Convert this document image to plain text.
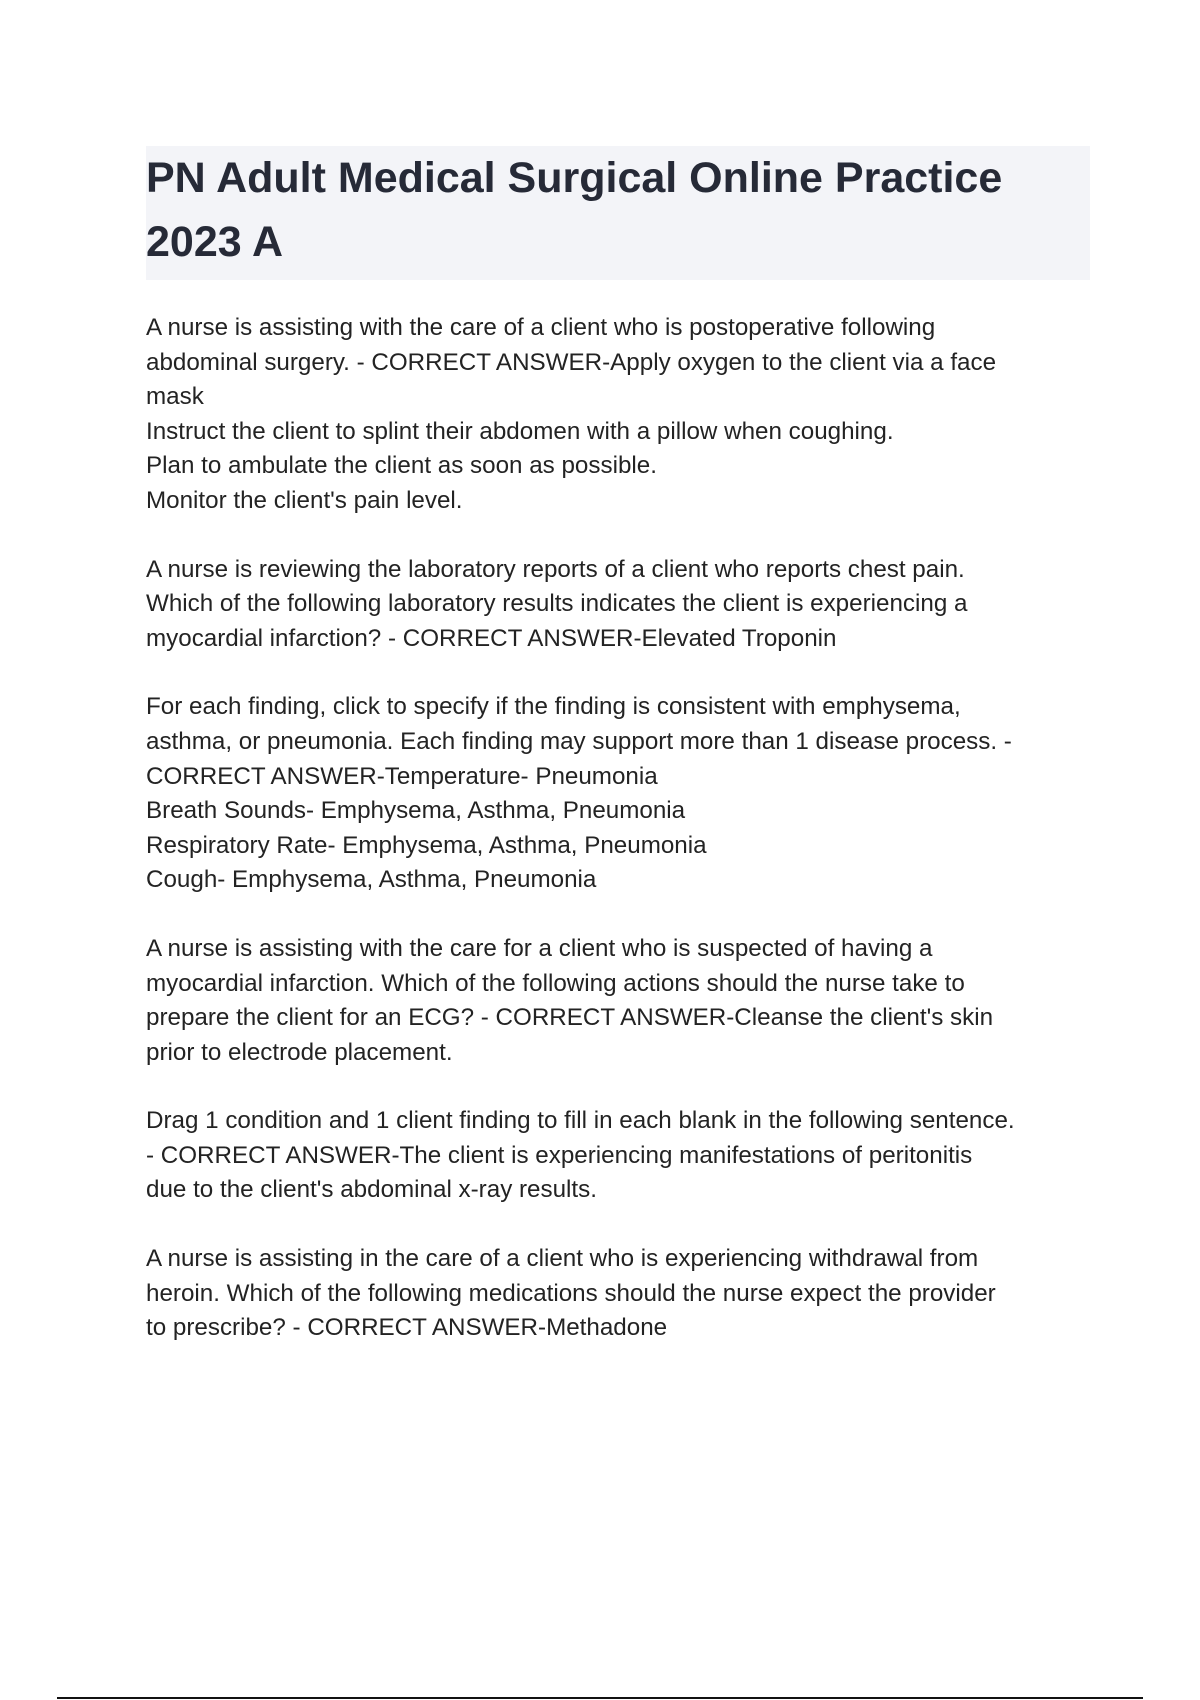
PN Adult Medical Surgical Online Practice 2023 A
A nurse is assisting with the care of a client who is postoperative following
abdominal surgery. - CORRECT ANSWER-Apply oxygen to the client via a face
mask
Instruct the client to splint their abdomen with a pillow when coughing.
Plan to ambulate the client as soon as possible.
Monitor the client's pain level.
A nurse is reviewing the laboratory reports of a client who reports chest pain.
Which of the following laboratory results indicates the client is experiencing a
myocardial infarction? - CORRECT ANSWER-Elevated Troponin
For each finding, click to specify if the finding is consistent with emphysema,
asthma, or pneumonia. Each finding may support more than 1 disease process. -
CORRECT ANSWER-Temperature- Pneumonia
Breath Sounds- Emphysema, Asthma, Pneumonia
Respiratory Rate- Emphysema, Asthma, Pneumonia
Cough- Emphysema, Asthma, Pneumonia
A nurse is assisting with the care for a client who is suspected of having a
myocardial infarction. Which of the following actions should the nurse take to
prepare the client for an ECG? - CORRECT ANSWER-Cleanse the client's skin
prior to electrode placement.
Drag 1 condition and 1 client finding to fill in each blank in the following sentence.
- CORRECT ANSWER-The client is experiencing manifestations of peritonitis
due to the client's abdominal x-ray results.
A nurse is assisting in the care of a client who is experiencing withdrawal from
heroin. Which of the following medications should the nurse expect the provider
to prescribe? - CORRECT ANSWER-Methadone
